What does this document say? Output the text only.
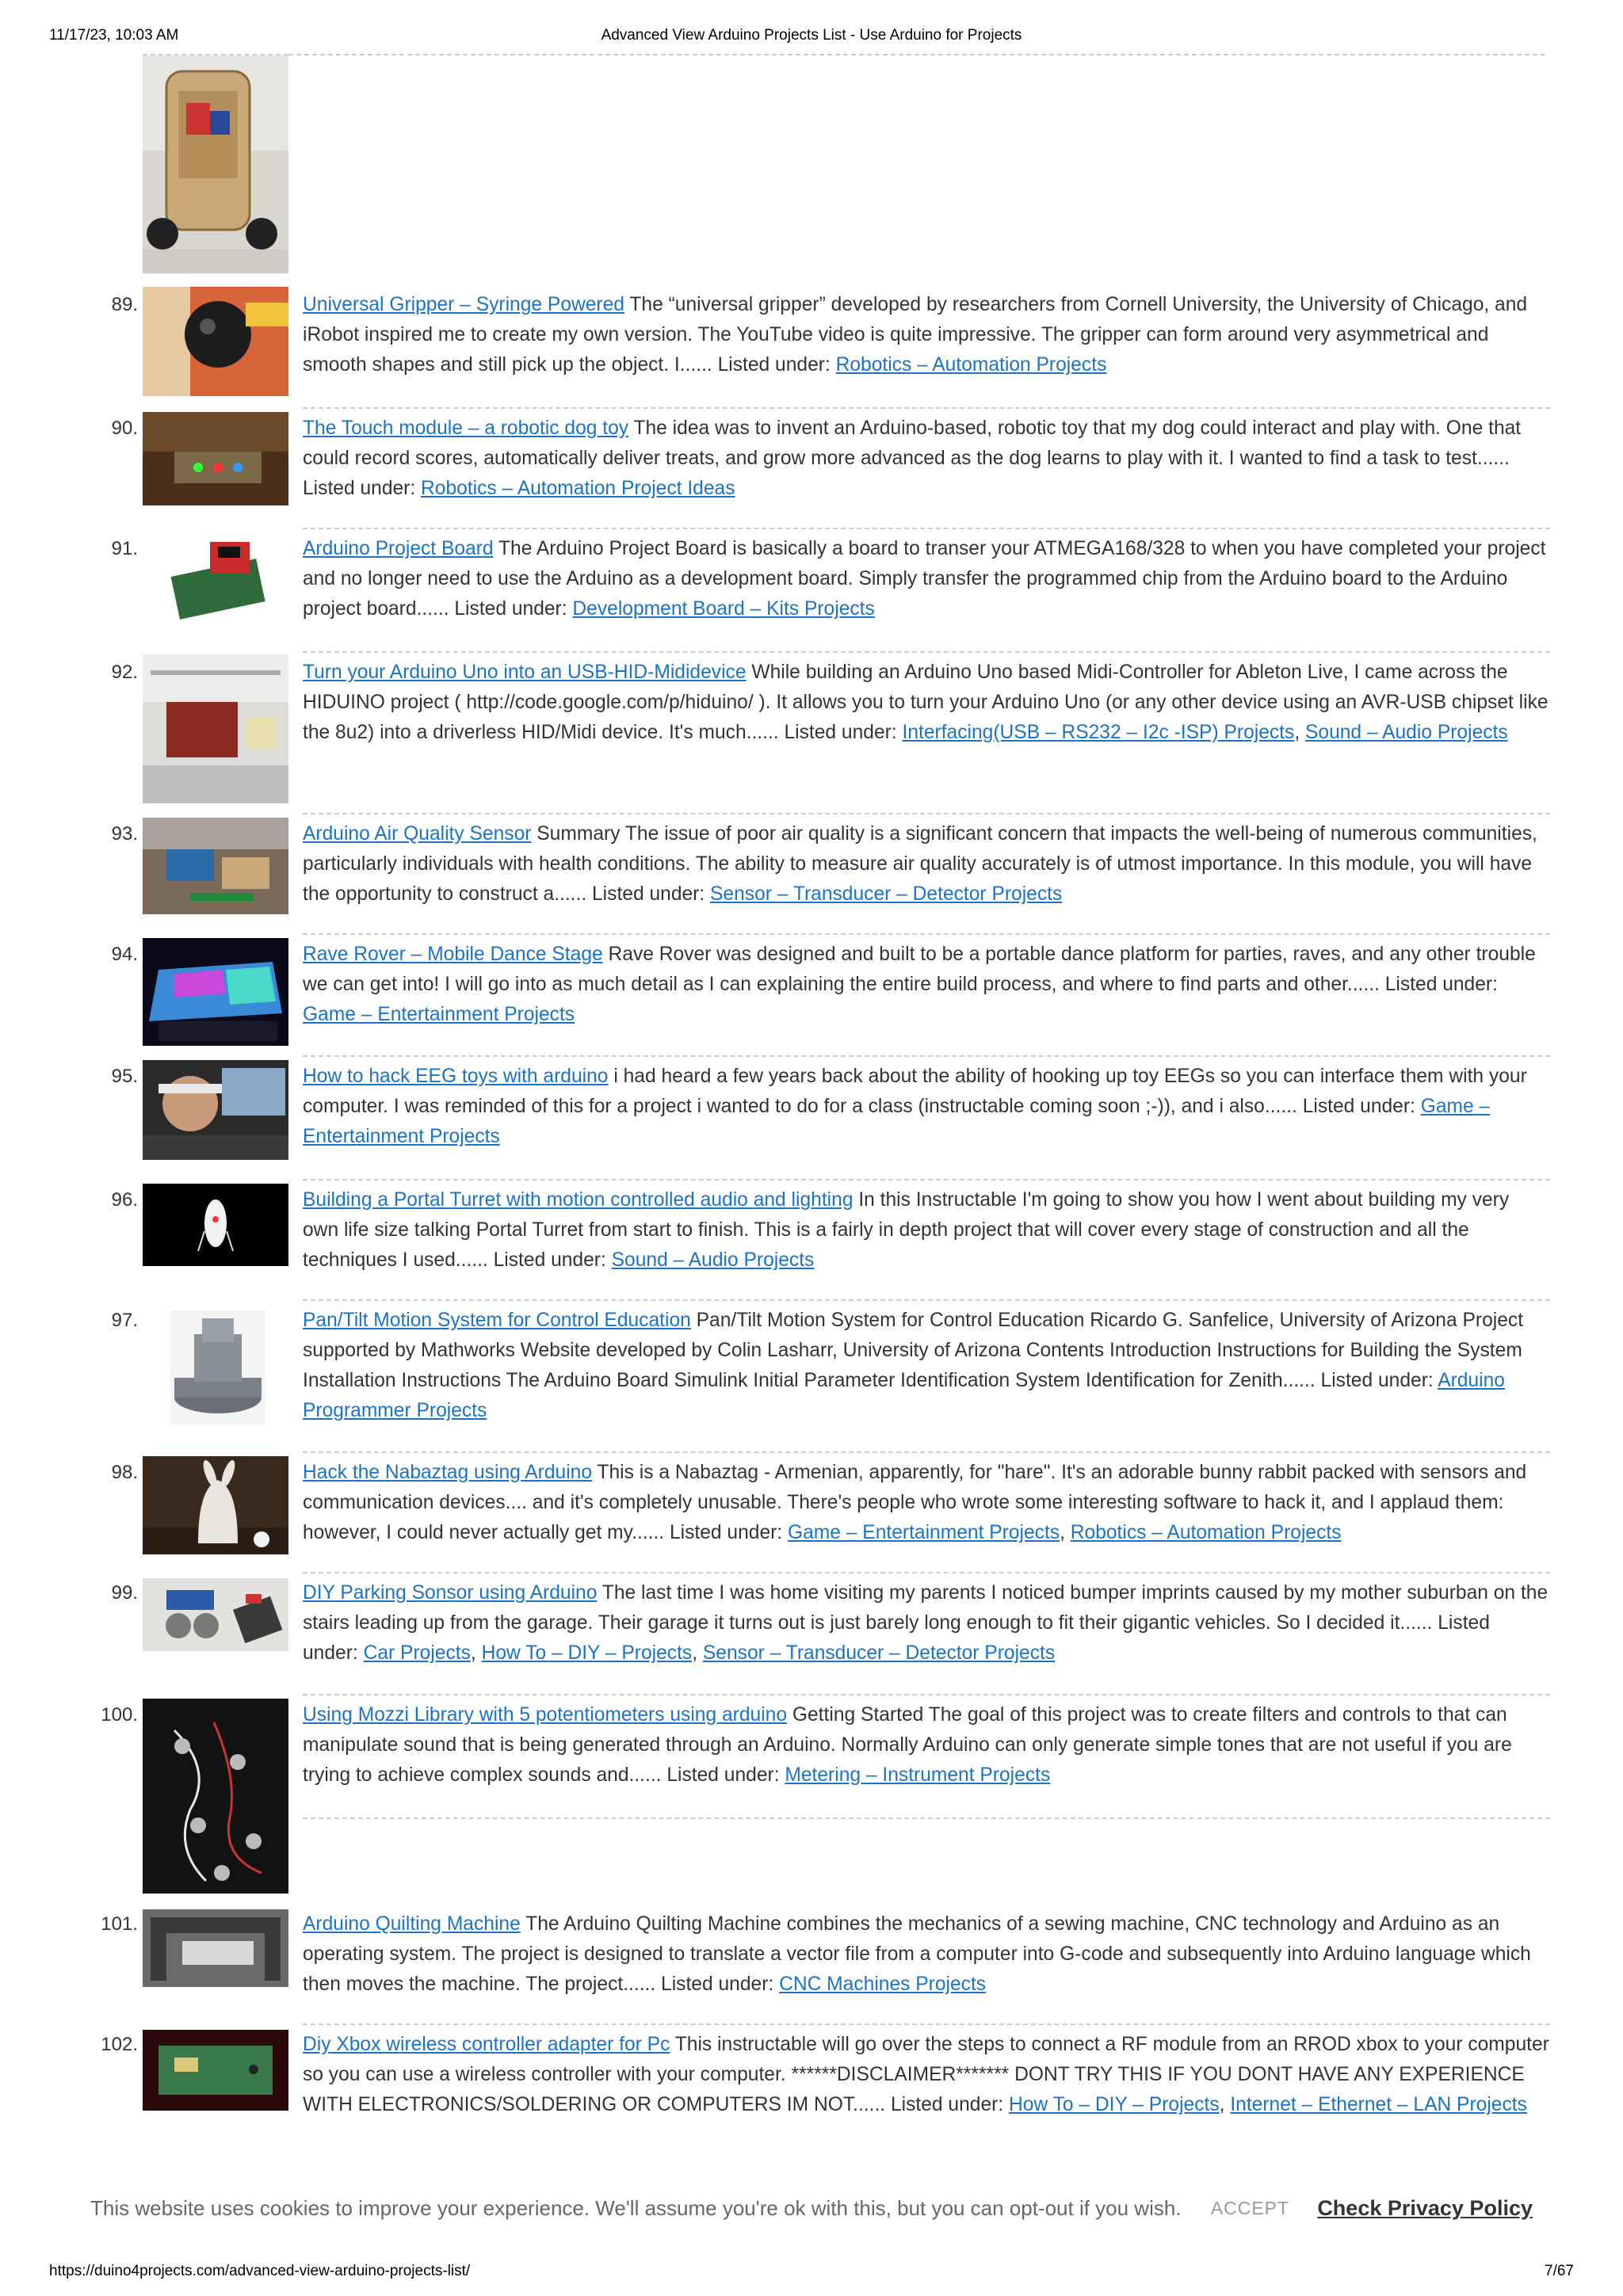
11/17/23, 10:03 AM	Advanced View Arduino Projects List - Use Arduino for Projects
89.	Universal Gripper – Syringe Powered The “universal gripper” developed by researchers from Cornell University, the University of Chicago, and iRobot inspired me to create my own version. The YouTube video is quite impressive. The gripper can form around very asymmetrical and smooth shapes and still pick up the object. I...... Listed under: Robotics – Automation Projects
90.	The Touch module – a robotic dog toy The idea was to invent an Arduino-based, robotic toy that my dog could interact and play with. One that could record scores, automatically deliver treats, and grow more advanced as the dog learns to play with it. I wanted to find a task to test...... Listed under: Robotics – Automation Project Ideas
91.	Arduino Project Board The Arduino Project Board is basically a board to transer your ATMEGA168/328 to when you have completed your project and no longer need to use the Arduino as a development board. Simply transfer the programmed chip from the Arduino board to the Arduino project board...... Listed under: Development Board – Kits Projects
92.	Turn your Arduino Uno into an USB-HID-Mididevice While building an Arduino Uno based Midi-Controller for Ableton Live, I came across the HIDUINO project ( http://code.google.com/p/hiduino/ ). It allows you to turn your Arduino Uno (or any other device using an AVR-USB chipset like the 8u2) into a driverless HID/Midi device. It's much...... Listed under: Interfacing(USB – RS232 – I2c -ISP) Projects, Sound – Audio Projects
93.	Arduino Air Quality Sensor Summary The issue of poor air quality is a significant concern that impacts the well-being of numerous communities, particularly individuals with health conditions. The ability to measure air quality accurately is of utmost importance. In this module, you will have the opportunity to construct a...... Listed under: Sensor – Transducer – Detector Projects
94.	Rave Rover – Mobile Dance Stage Rave Rover was designed and built to be a portable dance platform for parties, raves, and any other trouble we can get into! I will go into as much detail as I can explaining the entire build process, and where to find parts and other...... Listed under: Game – Entertainment Projects
95.	How to hack EEG toys with arduino i had heard a few years back about the ability of hooking up toy EEGs so you can interface them with your computer. I was reminded of this for a project i wanted to do for a class (instructable coming soon ;-)), and i also...... Listed under: Game – Entertainment Projects
96.	Building a Portal Turret with motion controlled audio and lighting In this Instructable I'm going to show you how I went about building my very own life size talking Portal Turret from start to finish. This is a fairly in depth project that will cover every stage of construction and all the techniques I used...... Listed under: Sound – Audio Projects
97.	Pan/Tilt Motion System for Control Education Pan/Tilt Motion System for Control Education Ricardo G. Sanfelice, University of Arizona Project supported by Mathworks Website developed by Colin Lasharr, University of Arizona Contents Introduction Instructions for Building the System Installation Instructions The Arduino Board Simulink Initial Parameter Identification System Identification for Zenith...... Listed under: Arduino Programmer Projects
98.	Hack the Nabaztag using Arduino This is a Nabaztag - Armenian, apparently, for "hare". It's an adorable bunny rabbit packed with sensors and communication devices.... and it's completely unusable. There's people who wrote some interesting software to hack it, and I applaud them: however, I could never actually get my...... Listed under: Game – Entertainment Projects, Robotics – Automation Projects
99.	DIY Parking Sonsor using Arduino The last time I was home visiting my parents I noticed bumper imprints caused by my mother suburban on the stairs leading up from the garage. Their garage it turns out is just barely long enough to fit their gigantic vehicles. So I decided it...... Listed under: Car Projects, How To – DIY – Projects, Sensor – Transducer – Detector Projects
100.	Using Mozzi Library with 5 potentiometers using arduino Getting Started The goal of this project was to create filters and controls to that can manipulate sound that is being generated through an Arduino. Normally Arduino can only generate simple tones that are not useful if you are trying to achieve complex sounds and...... Listed under: Metering – Instrument Projects
101.	Arduino Quilting Machine The Arduino Quilting Machine combines the mechanics of a sewing machine, CNC technology and Arduino as an operating system. The project is designed to translate a vector file from a computer into G-code and subsequently into Arduino language which then moves the machine. The project...... Listed under: CNC Machines Projects
102.	Diy Xbox wireless controller adapter for Pc This instructable will go over the steps to connect a RF module from an RROD xbox to your computer so you can use a wireless controller with your computer. ******DISCLAIMER******* DONT TRY THIS IF YOU DONT HAVE ANY EXPERIENCE WITH ELECTRONICS/SOLDERING OR COMPUTERS IM NOT...... Listed under: How To – DIY – Projects, Internet – Ethernet – LAN Projects
This website uses cookies to improve your experience. We'll assume you're ok with this, but you can opt-out if you wish. ACCEPT Check Privacy Policy
https://duino4projects.com/advanced-view-arduino-projects-list/	7/67
